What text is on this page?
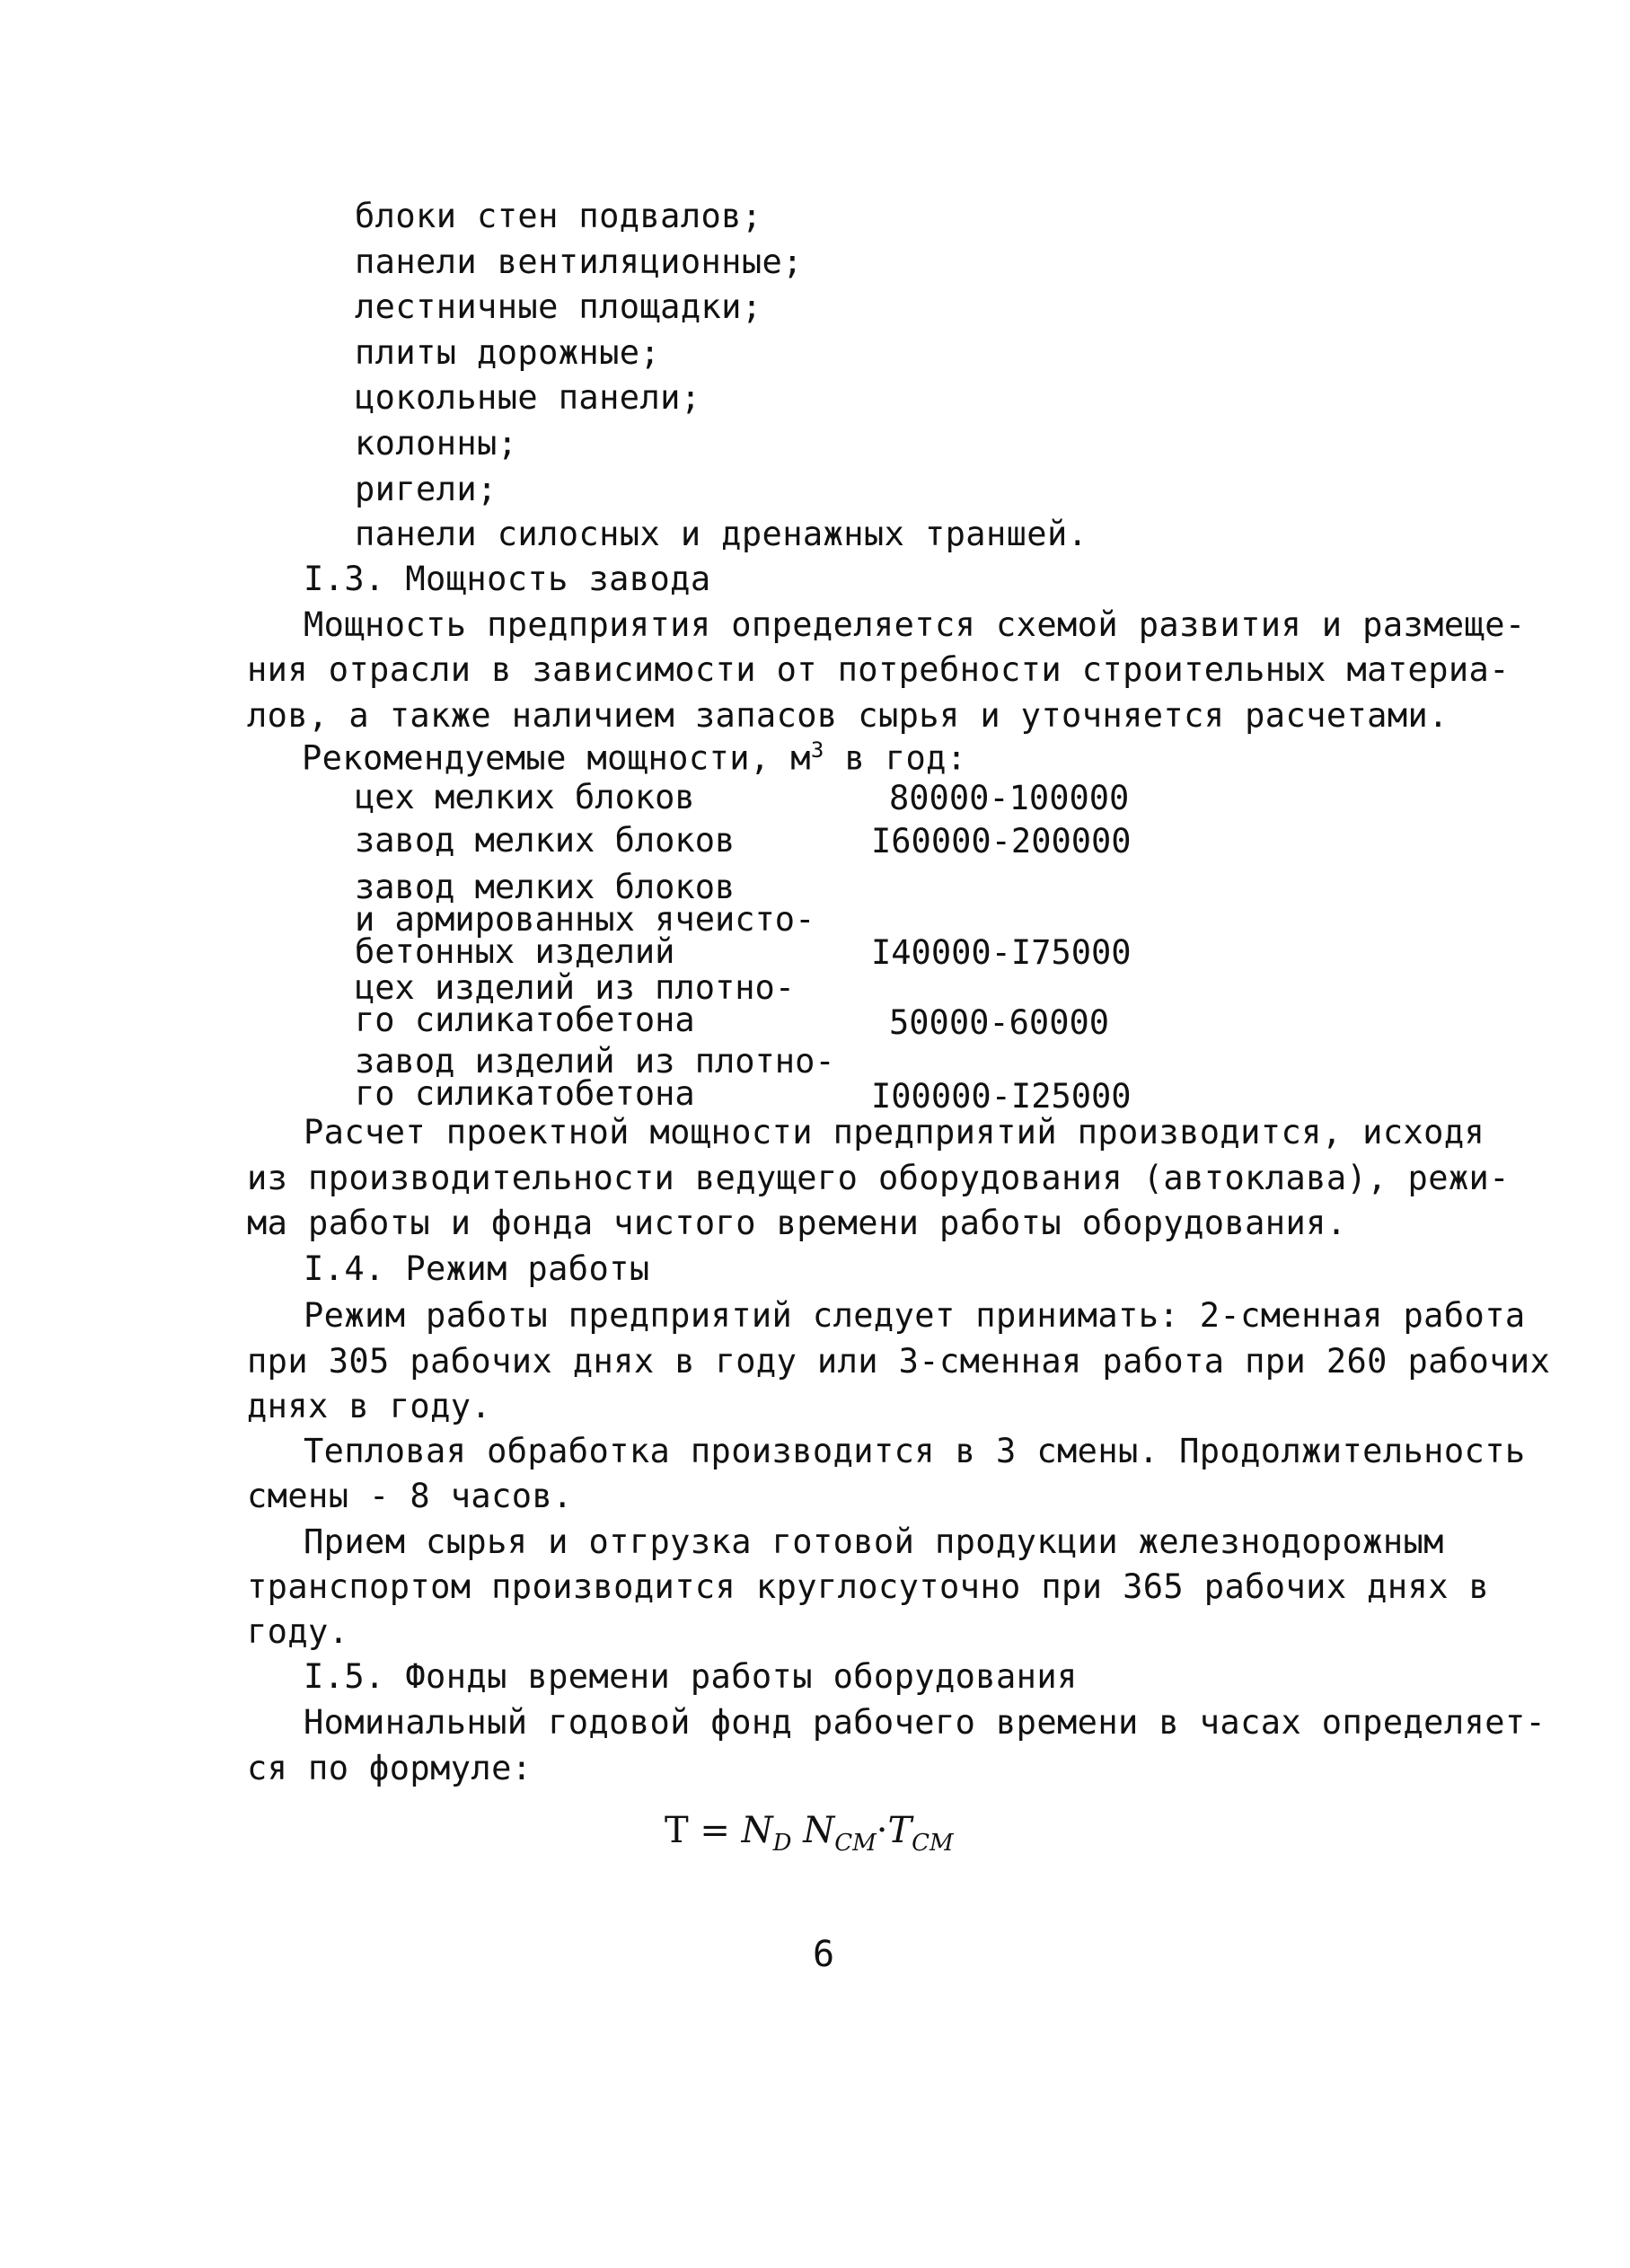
блоки стен подвалов;
панели вентиляционные;
лестничные площадки;
плиты дорожные;
цокольные панели;
колонны;
ригели;
панели силосных и дренажных траншей.
I.3. Мощность завода
Мощность предприятия определяется схемой развития и размеще-
ния отрасли в зависимости от потребности строительных материа-
лов, а также наличием запасов сырья и уточняется расчетами.
Рекомендуемые мощности, $м^3$ в год:
цех мелких блоков	80000-100000
завод мелких блоков	I60000-200000
завод мелких блоков
и армированных ячеисто-
бетонных изделий	I40000-I75000
цех изделий из плотно-
го силикатобетона	50000-60000
завод изделий из плотно-
го силикатобетона	I00000-I25000
Расчет проектной мощности предприятий производится, исходя
из производительности ведущего оборудования (автоклава), режи-
ма работы и фонда чистого времени работы оборудования.
I.4. Режим работы
Режим работы предприятий следует принимать: 2-сменная работа
при 305 рабочих днях в году или 3-сменная работа при 260 рабочих
днях в году.
Тепловая обработка производится в 3 смены. Продолжительность
смены - 8 часов.
Прием сырья и отгрузка готовой продукции железнодорожным
транспортом производится круглосуточно при 365 рабочих днях в
году.
I.5. Фонды времени работы оборудования
Номинальный годовой фонд рабочего времени в часах определяет-
ся по формуле:
$T = N_D$ $N_{CM}\cdot T_{CM}$
6
